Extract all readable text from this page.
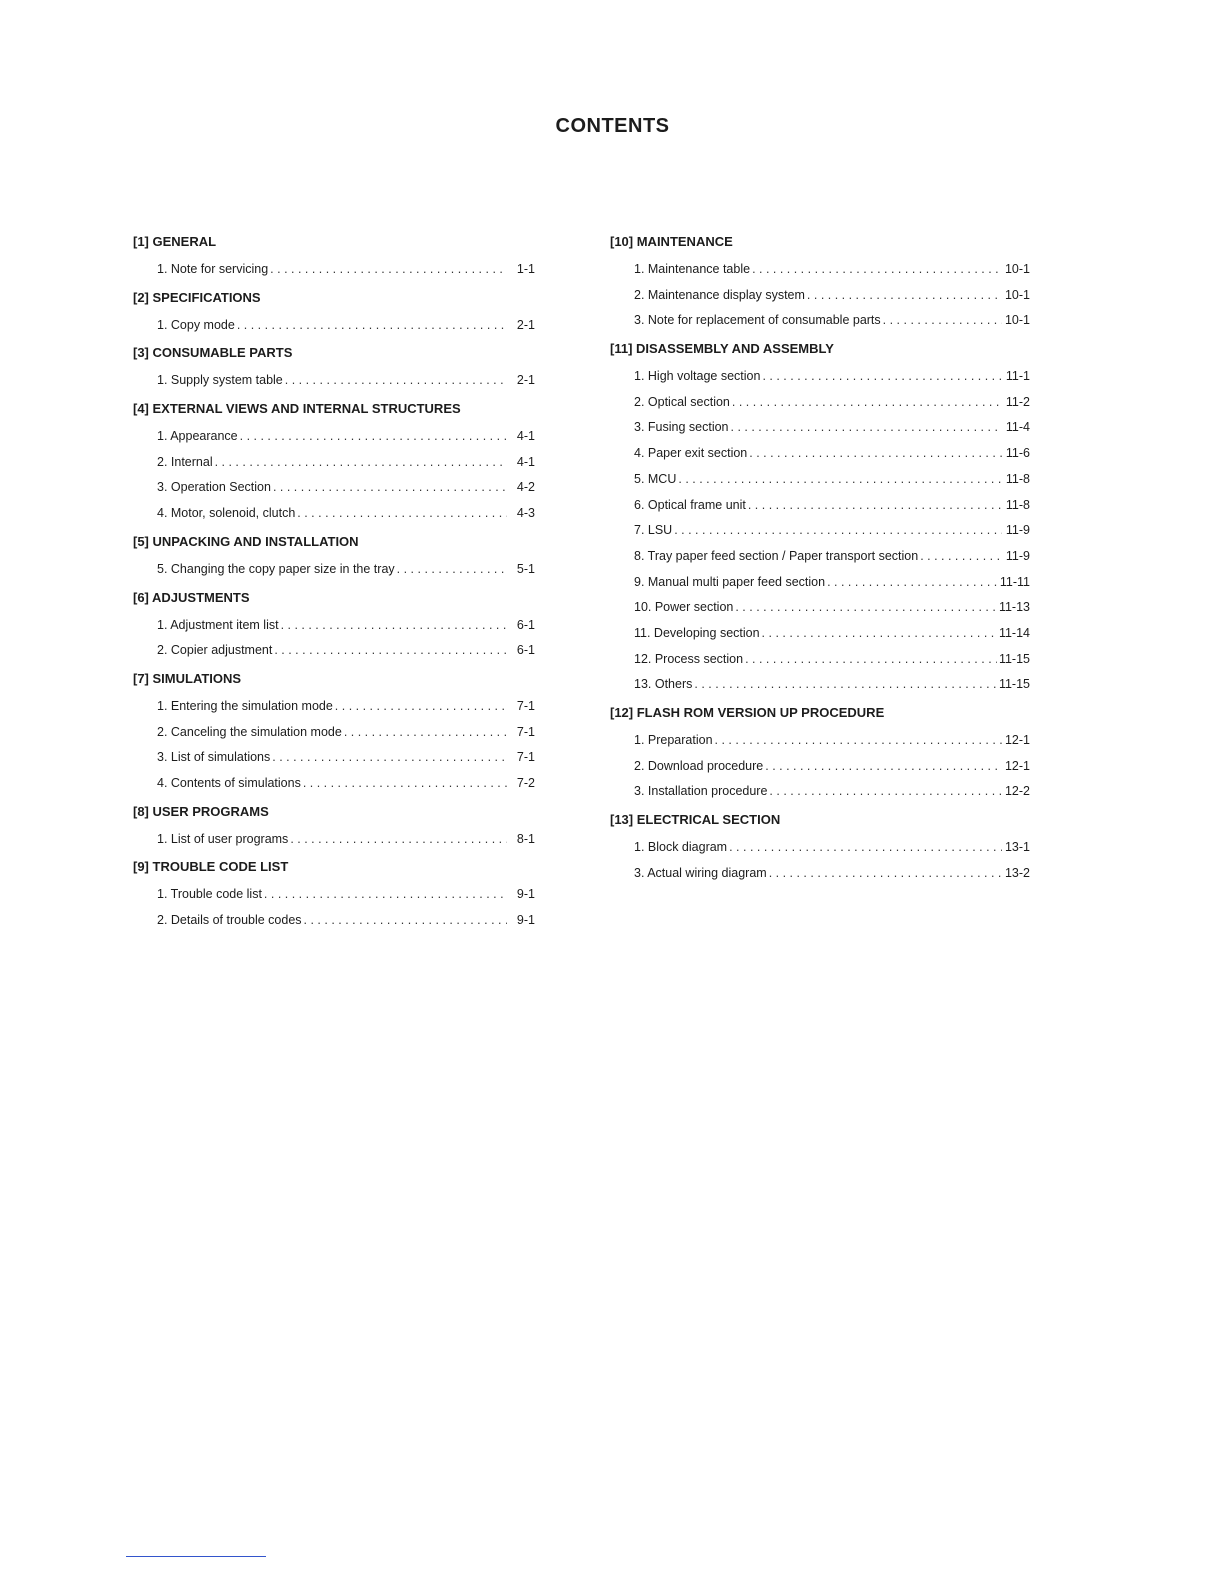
CONTENTS
[1] GENERAL
1. Note for servicing . . .	1-1
[2] SPECIFICATIONS
1. Copy mode . . .	2-1
[3] CONSUMABLE PARTS
1. Supply system table . . .	2-1
[4] EXTERNAL VIEWS AND INTERNAL STRUCTURES
1. Appearance . . .	4-1
2. Internal . . .	4-1
3. Operation Section . . .	4-2
4. Motor, solenoid, clutch . . .	4-3
[5] UNPACKING AND INSTALLATION
5. Changing the copy paper size in the tray . . .	5-1
[6] ADJUSTMENTS
1. Adjustment item list . . .	6-1
2. Copier adjustment . . .	6-1
[7] SIMULATIONS
1. Entering the simulation mode . . .	7-1
2. Canceling the simulation mode . . .	7-1
3. List of simulations . . .	7-1
4. Contents of simulations . . .	7-2
[8] USER PROGRAMS
1. List of user programs . . .	8-1
[9] TROUBLE CODE LIST
1. Trouble code list . . .	9-1
2. Details of trouble codes . . .	9-1
[10] MAINTENANCE
1. Maintenance table . . .	10-1
2. Maintenance display system . . .	10-1
3. Note for replacement of consumable parts . . .	10-1
[11] DISASSEMBLY AND ASSEMBLY
1. High voltage section . . .	11-1
2. Optical section . . .	11-2
3. Fusing section . . .	11-4
4. Paper exit section . . .	11-6
5. MCU . . .	11-8
6. Optical frame unit . . .	11-8
7. LSU . . .	11-9
8. Tray paper feed section / Paper transport section . . .	11-9
9. Manual multi paper feed section . . .	11-11
10. Power section . . .	11-13
11. Developing section . . .	11-14
12. Process section . . .	11-15
13. Others . . .	11-15
[12] FLASH ROM VERSION UP PROCEDURE
1. Preparation . . .	12-1
2. Download procedure . . .	12-1
3. Installation procedure . . .	12-2
[13] ELECTRICAL SECTION
1. Block diagram . . .	13-1
3. Actual wiring diagram . . .	13-2
